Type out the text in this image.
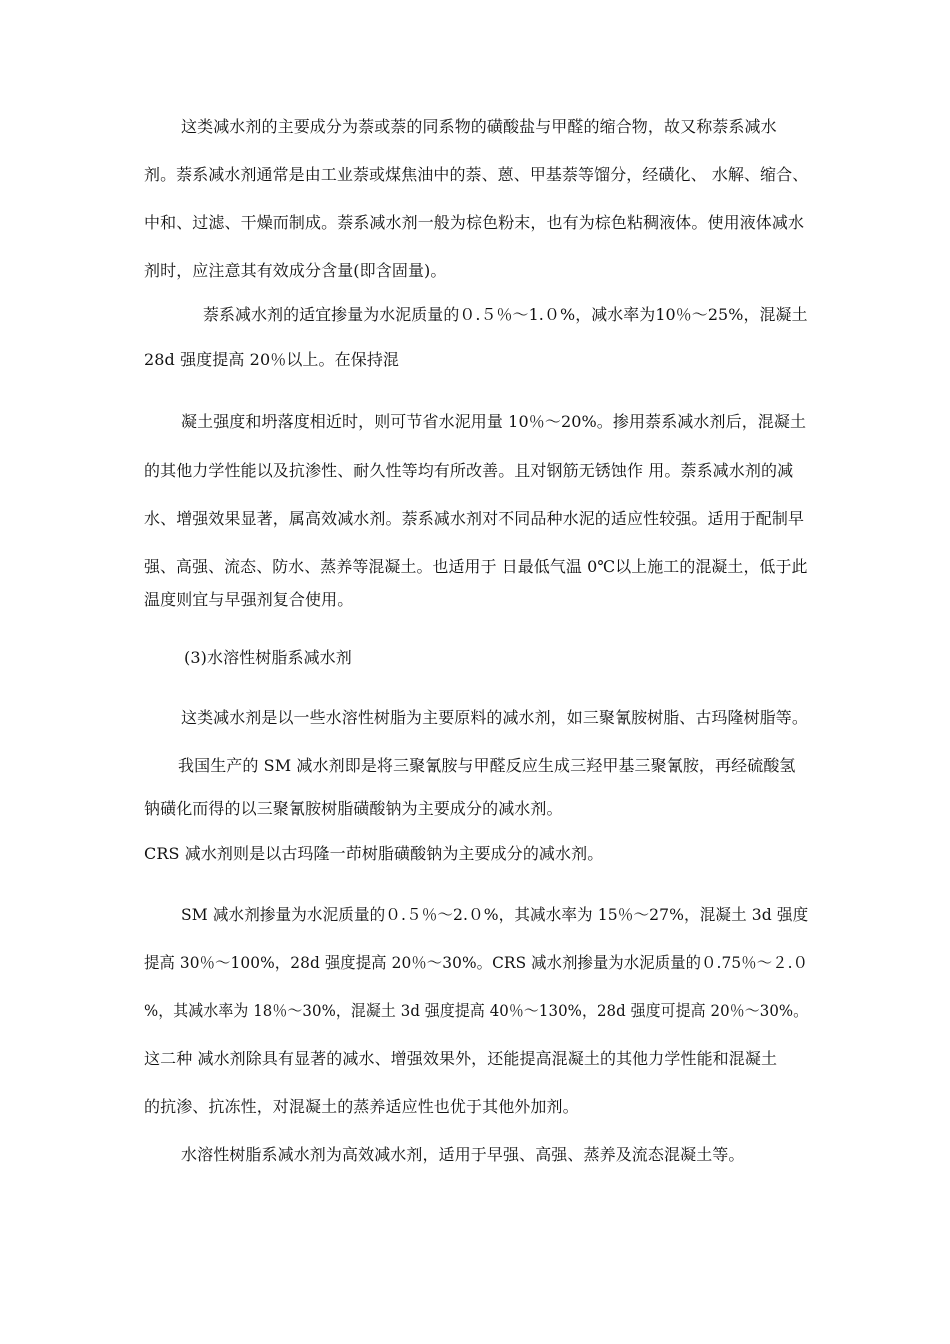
这类减水剂的主要成分为萘或萘的同系物的磺酸盐与甲醛的缩合物，故又称萘系减水
剂。萘系减水剂通常是由工业萘或煤焦油中的萘、蒽、甲基萘等馏分，经磺化、 水解、缩合、
中和、过滤、干燥而制成。萘系减水剂一般为棕色粉末，也有为棕色粘稠液体。使用液体减水
剂时，应注意其有效成分含量(即含固量)。
萘系减水剂的适宜掺量为水泥质量的０.５％～1.０%，减水率为10％～25%，混凝土
28d 强度提高 20％以上。在保持混
凝土强度和坍落度相近时，则可节省水泥用量 10％～20%。掺用萘系减水剂后，混凝土
的其他力学性能以及抗渗性、耐久性等均有所改善。且对钢筋无锈蚀作 用。萘系减水剂的减
水、增强效果显著，属高效减水剂。萘系减水剂对不同品种水泥的适应性较强。适用于配制早
强、高强、流态、防水、蒸养等混凝土。也适用于 日最低气温 0℃以上施工的混凝土，低于此
温度则宜与早强剂复合使用。
(3)水溶性树脂系减水剂
这类减水剂是以一些水溶性树脂为主要原料的减水剂，如三聚氰胺树脂、古玛隆树脂等。
我国生产的 SM 减水剂即是将三聚氰胺与甲醛反应生成三羟甲基三聚氰胺，再经硫酸氢
钠磺化而得的以三聚氰胺树脂磺酸钠为主要成分的减水剂。
CRS 减水剂则是以古玛隆一茚树脂磺酸钠为主要成分的减水剂。
SM 减水剂掺量为水泥质量的０.５％～2.０%，其减水率为 15％～27%，混凝土 3d 强度
提高 30％～100%，28d 强度提高 20％～30%。CRS 减水剂掺量为水泥质量的０.75％～２.０
%，其减水率为 18％～30%，混凝土 3d 强度提高 40％～130%，28d 强度可提高 20％～30%。
这二种 减水剂除具有显著的减水、增强效果外，还能提高混凝土的其他力学性能和混凝土
的抗渗、抗冻性，对混凝土的蒸养适应性也优于其他外加剂。
水溶性树脂系减水剂为高效减水剂，适用于早强、高强、蒸养及流态混凝土等。
